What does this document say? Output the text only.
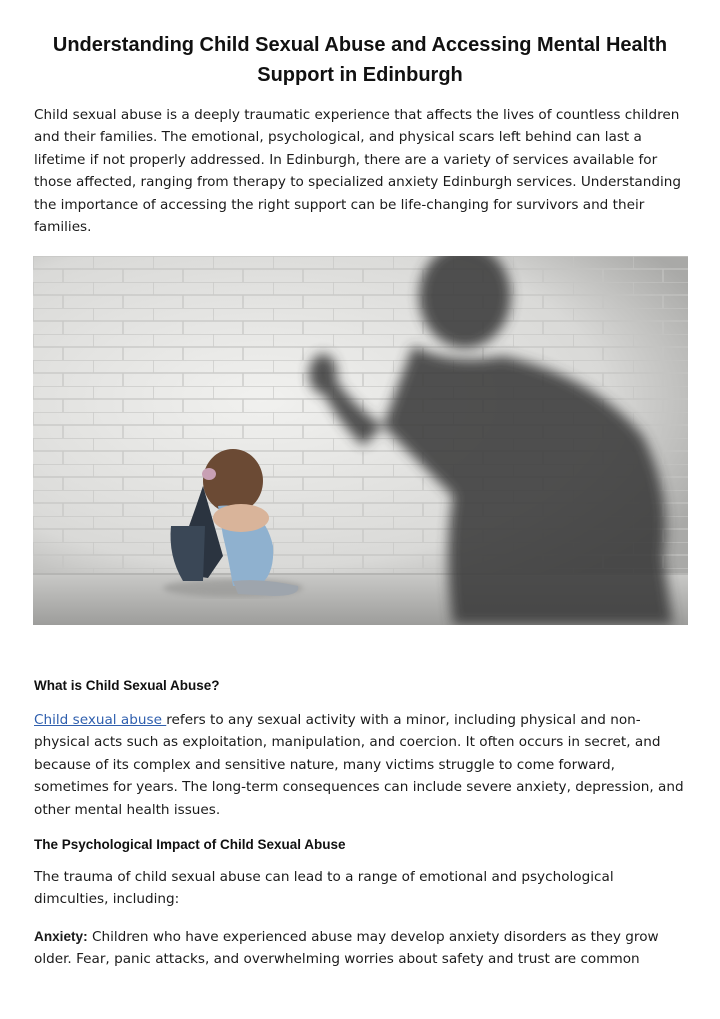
Understanding Child Sexual Abuse and Accessing Mental Health Support in Edinburgh
Child sexual abuse is a deeply traumatic experience that affects the lives of countless children and their families. The emotional, psychological, and physical scars left behind can last a lifetime if not properly addressed. In Edinburgh, there are a variety of services available for those affected, ranging from therapy to specialized anxiety Edinburgh services. Understanding the importance of accessing the right support can be life-changing for survivors and their families.
What is Child Sexual Abuse?
Child sexual abuse refers to any sexual activity with a minor, including physical and non-physical acts such as exploitation, manipulation, and coercion. It often occurs in secret, and because of its complex and sensitive nature, many victims struggle to come forward, sometimes for years. The long-term consequences can include severe anxiety, depression, and other mental health issues.
The Psychological Impact of Child Sexual Abuse
The trauma of child sexual abuse can lead to a range of emotional and psychological dimculties, including:
Anxiety: Children who have experienced abuse may develop anxiety disorders as they grow older. Fear, panic attacks, and overwhelming worries about safety and trust are common
